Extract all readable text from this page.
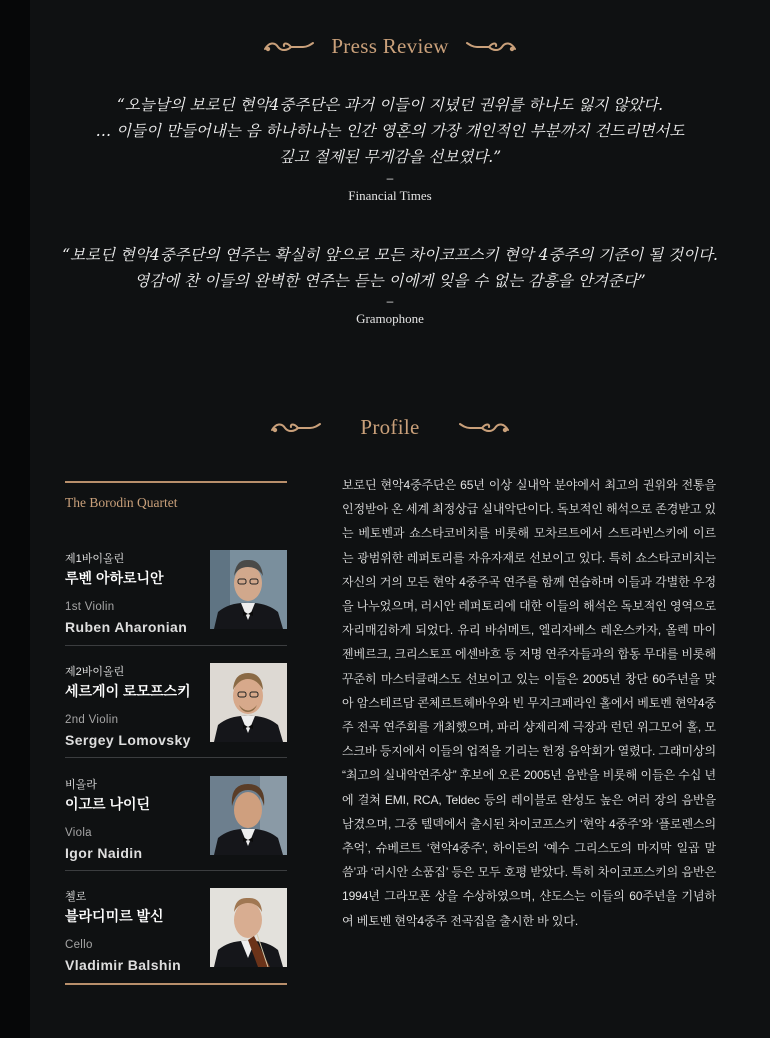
Press Review
“오늘날의 보로딘 현악4중주단은 과거 이들이 지녔던 권위를 하나도 잃지 않았다.
… 이들이 만들어내는 음 하나하나는 인간 영혼의 가장 개인적인 부분까지 건드리면서도
깊고 절제된 무게감을 선보였다.”
–
Financial Times
“보로딘 현악4중주단의 연주는 확실히 앞으로 모든 차이코프스키 현악 4중주의 기준이 될 것이다.
영감에 찬 이들의 완벽한 연주는 듣는 이에게 잊을 수 없는 감흥을 안겨준다”
–
Gramophone
Profile
The Borodin Quartet
제1바이올린
루벤 아하로니안
1st Violin
Ruben Aharonian
제2바이올린
세르게이 로모프스키
2nd Violin
Sergey Lomovsky
비올라
이고르 나이딘
Viola
Igor Naidin
첼로
블라디미르 발신
Cello
Vladimir Balshin
보로딘 현악4중주단은 65년 이상 실내악 분야에서 최고의 권위와 전통을 인정받아 온 세계 최정상급 실내악단이다. 독보적인 해석으로 존경받고 있는 베토벤과 쇼스타코비치를 비롯해 모차르트에서 스트라빈스키에 이르는 광범위한 레퍼토리를 자유자재로 선보이고 있다. 특히 쇼스타코비치는 자신의 거의 모든 현악 4중주곡 연주를 함께 연습하며 이들과 각별한 우정을 나누었으며, 러시안 레퍼토리에 대한 이들의 해석은 독보적인 영역으로 자리매김하게 되었다. 유리 바쉬메트, 엘리자베스 레온스카자, 올렉 마이젠베르크, 크리스토프 에센바흐 등 저명 연주자들과의 합동 무대를 비롯해 꾸준히 마스터클래스도 선보이고 있는 이들은 2005년 창단 60주년을 맞아 암스테르담 콘체르트헤바우와 빈 무지크페라인 홀에서 베토벤 현악4중주 전곡 연주회를 개최했으며, 파리 샹제리제 극장과 런던 위그모어 홀, 모스크바 등지에서 이들의 업적을 기리는 헌정 음악회가 열렸다. 그래미상의 “최고의 실내악연주상” 후보에 오른 2005년 음반을 비롯해 이들은 수십 년에 걸쳐 EMI, RCA, Teldec 등의 레이블로 완성도 높은 여러 장의 음반을 남겼으며, 그중 텔덱에서 출시된 차이코프스키 ‘현악 4중주’와 ‘플로렌스의 추억’, 슈베르트 ‘현악4중주’, 하이든의 ‘예수 그리스도의 마지막 일곱 말씀’과 ‘러시안 소품집’ 등은 모두 호평 받았다. 특히 차이코프스키의 음반은 1994년 그라모폰 상을 수상하였으며, 샨도스는 이들의 60주년을 기념하여 베토벤 현악4중주 전곡집을 출시한 바 있다.
